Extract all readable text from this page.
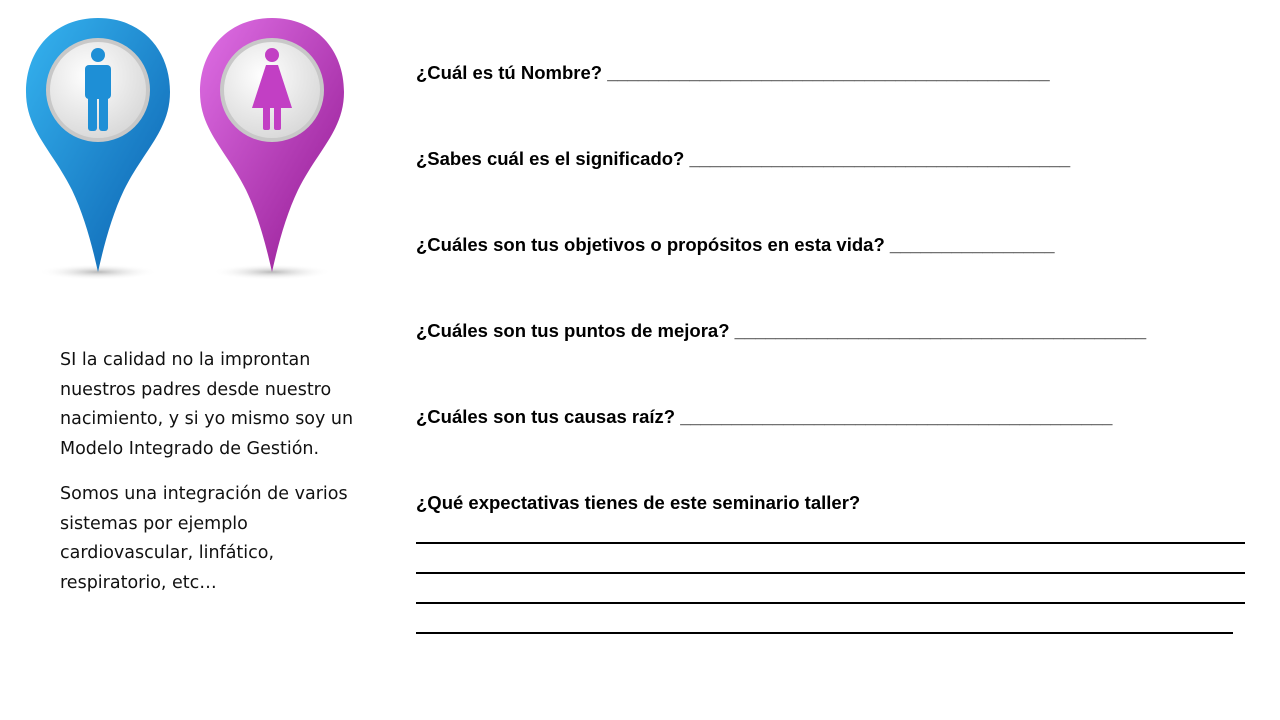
SI la calidad no la improntan nuestros padres desde nuestro nacimiento, y si yo mismo soy un Modelo Integrado de Gestión.

Somos una integración de varios sistemas por ejemplo cardiovascular, linfático, respiratorio, etc…

¿Cuál es tú Nombre? ___________________________________________
¿Sabes cuál es el significado? _____________________________________
¿Cuáles son tus objetivos o propósitos en esta vida? ________________
¿Cuáles son tus puntos de mejora? ________________________________________
¿Cuáles son tus causas raíz? __________________________________________
¿Qué expectativas tienes de este seminario taller?
